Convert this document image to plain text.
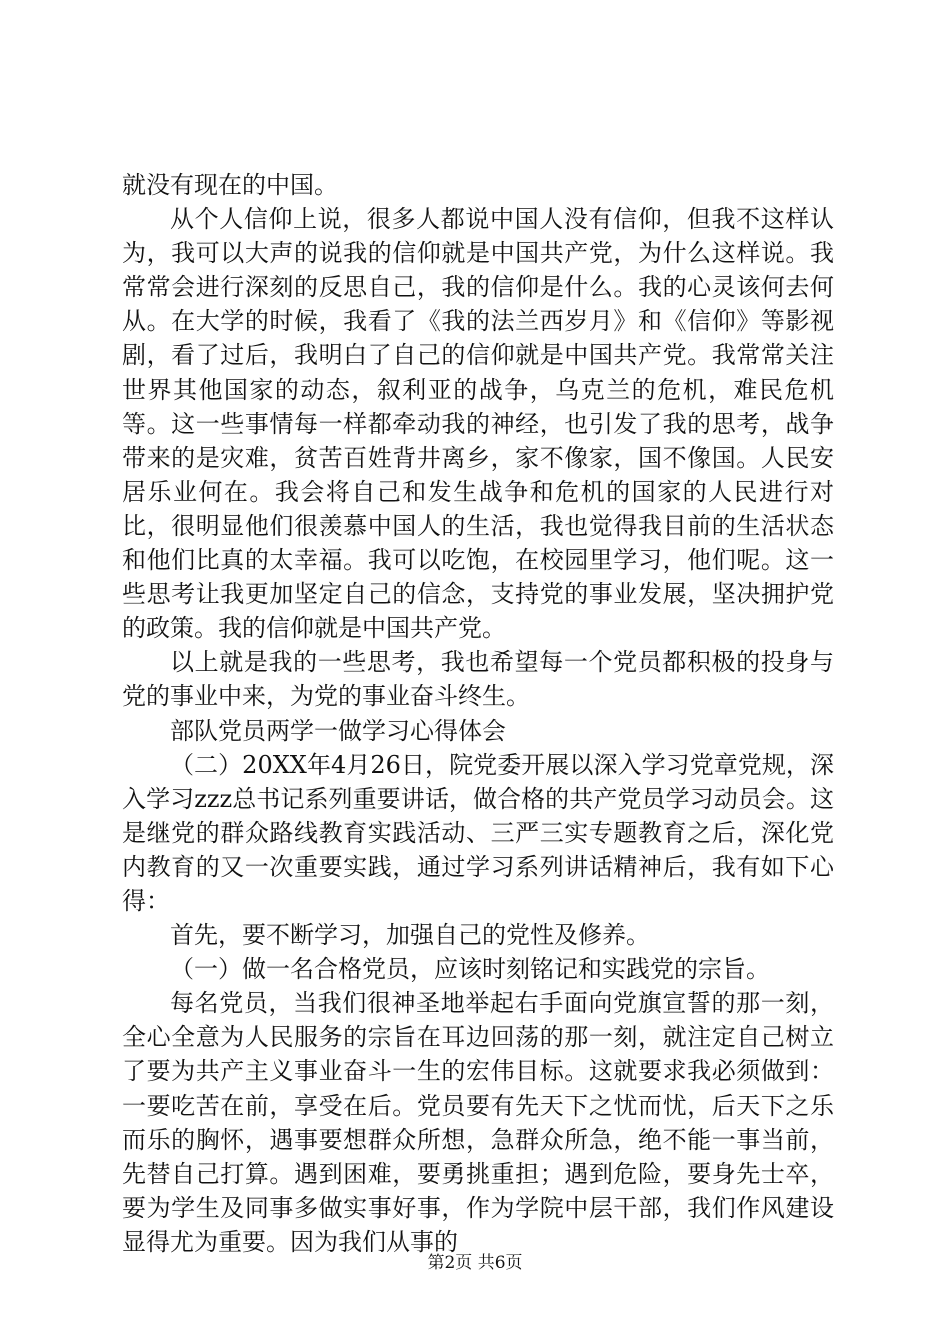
就没有现在的中国。

从个人信仰上说，很多人都说中国人没有信仰，但我不这样认为，我可以大声的说我的信仰就是中国共产党，为什么这样说。我常常会进行深刻的反思自己，我的信仰是什么。我的心灵该何去何从。在大学的时候，我看了《我的法兰西岁月》和《信仰》等影视剧，看了过后，我明白了自己的信仰就是中国共产党。我常常关注世界其他国家的动态，叙利亚的战争，乌克兰的危机，难民危机等。这一些事情每一样都牵动我的神经，也引发了我的思考，战争带来的是灾难，贫苦百姓背井离乡，家不像家，国不像国。人民安居乐业何在。我会将自己和发生战争和危机的国家的人民进行对比，很明显他们很羡慕中国人的生活，我也觉得我目前的生活状态和他们比真的太幸福。我可以吃饱，在校园里学习，他们呢。这一些思考让我更加坚定自己的信念，支持党的事业发展，坚决拥护党的政策。我的信仰就是中国共产党。

以上就是我的一些思考，我也希望每一个党员都积极的投身与党的事业中来，为党的事业奋斗终生。

部队党员两学一做学习心得体会

（二）20XX年4月26日，院党委开展以深入学习党章党规，深入学习zzz总书记系列重要讲话，做合格的共产党员学习动员会。这是继党的群众路线教育实践活动、三严三实专题教育之后，深化党内教育的又一次重要实践，通过学习系列讲话精神后，我有如下心得：

首先，要不断学习，加强自己的党性及修养。

（一）做一名合格党员，应该时刻铭记和实践党的宗旨。

每名党员，当我们很神圣地举起右手面向党旗宣誓的那一刻，全心全意为人民服务的宗旨在耳边回荡的那一刻，就注定自己树立了要为共产主义事业奋斗一生的宏伟目标。这就要求我必须做到：一要吃苦在前，享受在后。党员要有先天下之忧而忧，后天下之乐而乐的胸怀，遇事要想群众所想，急群众所急，绝不能一事当前，先替自己打算。遇到困难，要勇挑重担；遇到危险，要身先士卒，要为学生及同事多做实事好事，作为学院中层干部，我们作风建设显得尤为重要。因为我们从事的

第2页 共6页
